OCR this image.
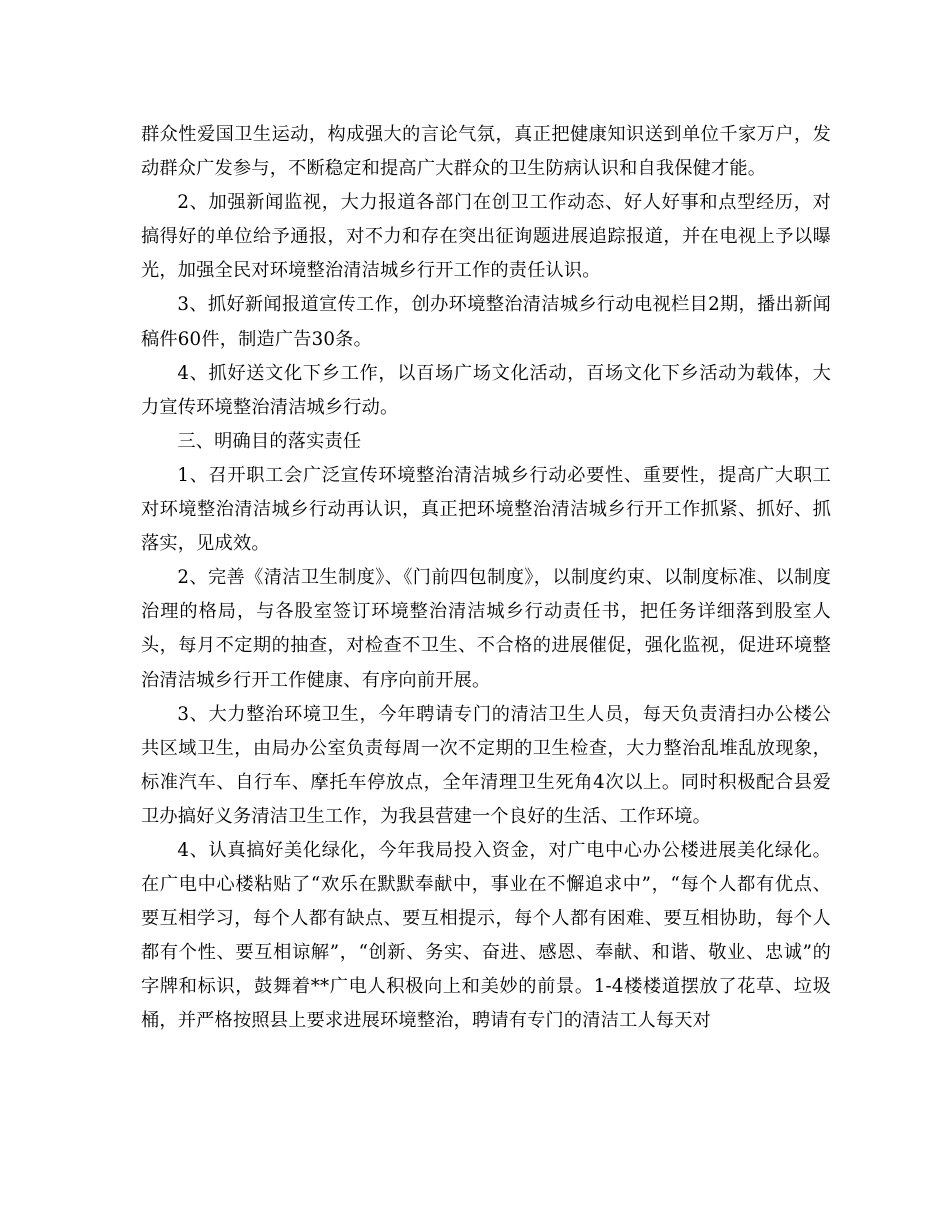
群众性爱国卫生运动，构成强大的言论气氛，真正把健康知识送到单位千家万户，发动群众广发参与，不断稳定和提高广大群众的卫生防病认识和自我保健才能。

2、加强新闻监视，大力报道各部门在创卫工作动态、好人好事和点型经历，对搞得好的单位给予通报，对不力和存在突出征询题进展追踪报道，并在电视上予以曝光，加强全民对环境整治清洁城乡行开工作的责任认识。

3、抓好新闻报道宣传工作，创办环境整治清洁城乡行动电视栏目2期，播出新闻稿件60件，制造广告30条。

4、抓好送文化下乡工作，以百场广场文化活动，百场文化下乡活动为载体，大力宣传环境整治清洁城乡行动。

三、明确目的落实责任

1、召开职工会广泛宣传环境整治清洁城乡行动必要性、重要性，提高广大职工对环境整治清洁城乡行动再认识，真正把环境整治清洁城乡行开工作抓紧、抓好、抓落实，见成效。

2、完善《清洁卫生制度》、《门前四包制度》，以制度约束、以制度标准、以制度治理的格局，与各股室签订环境整治清洁城乡行动责任书，把任务详细落到股室人头，每月不定期的抽查，对检查不卫生、不合格的进展催促，强化监视，促进环境整治清洁城乡行开工作健康、有序向前开展。

3、大力整治环境卫生，今年聘请专门的清洁卫生人员，每天负责清扫办公楼公共区域卫生，由局办公室负责每周一次不定期的卫生检查，大力整治乱堆乱放现象，标准汽车、自行车、摩托车停放点，全年清理卫生死角4次以上。同时积极配合县爱卫办搞好义务清洁卫生工作，为我县营建一个良好的生活、工作环境。

4、认真搞好美化绿化，今年我局投入资金，对广电中心办公楼进展美化绿化。在广电中心楼粘贴了“欢乐在默默奉献中，事业在不懈追求中”，“每个人都有优点、要互相学习，每个人都有缺点、要互相提示，每个人都有困难、要互相协助，每个人都有个性、要互相谅解”，“创新、务实、奋进、感恩、奉献、和谐、敬业、忠诚”的字牌和标识，鼓舞着**广电人积极向上和美妙的前景。1-4楼楼道摆放了花草、垃圾桶，并严格按照县上要求进展环境整治，聘请有专门的清洁工人每天对
